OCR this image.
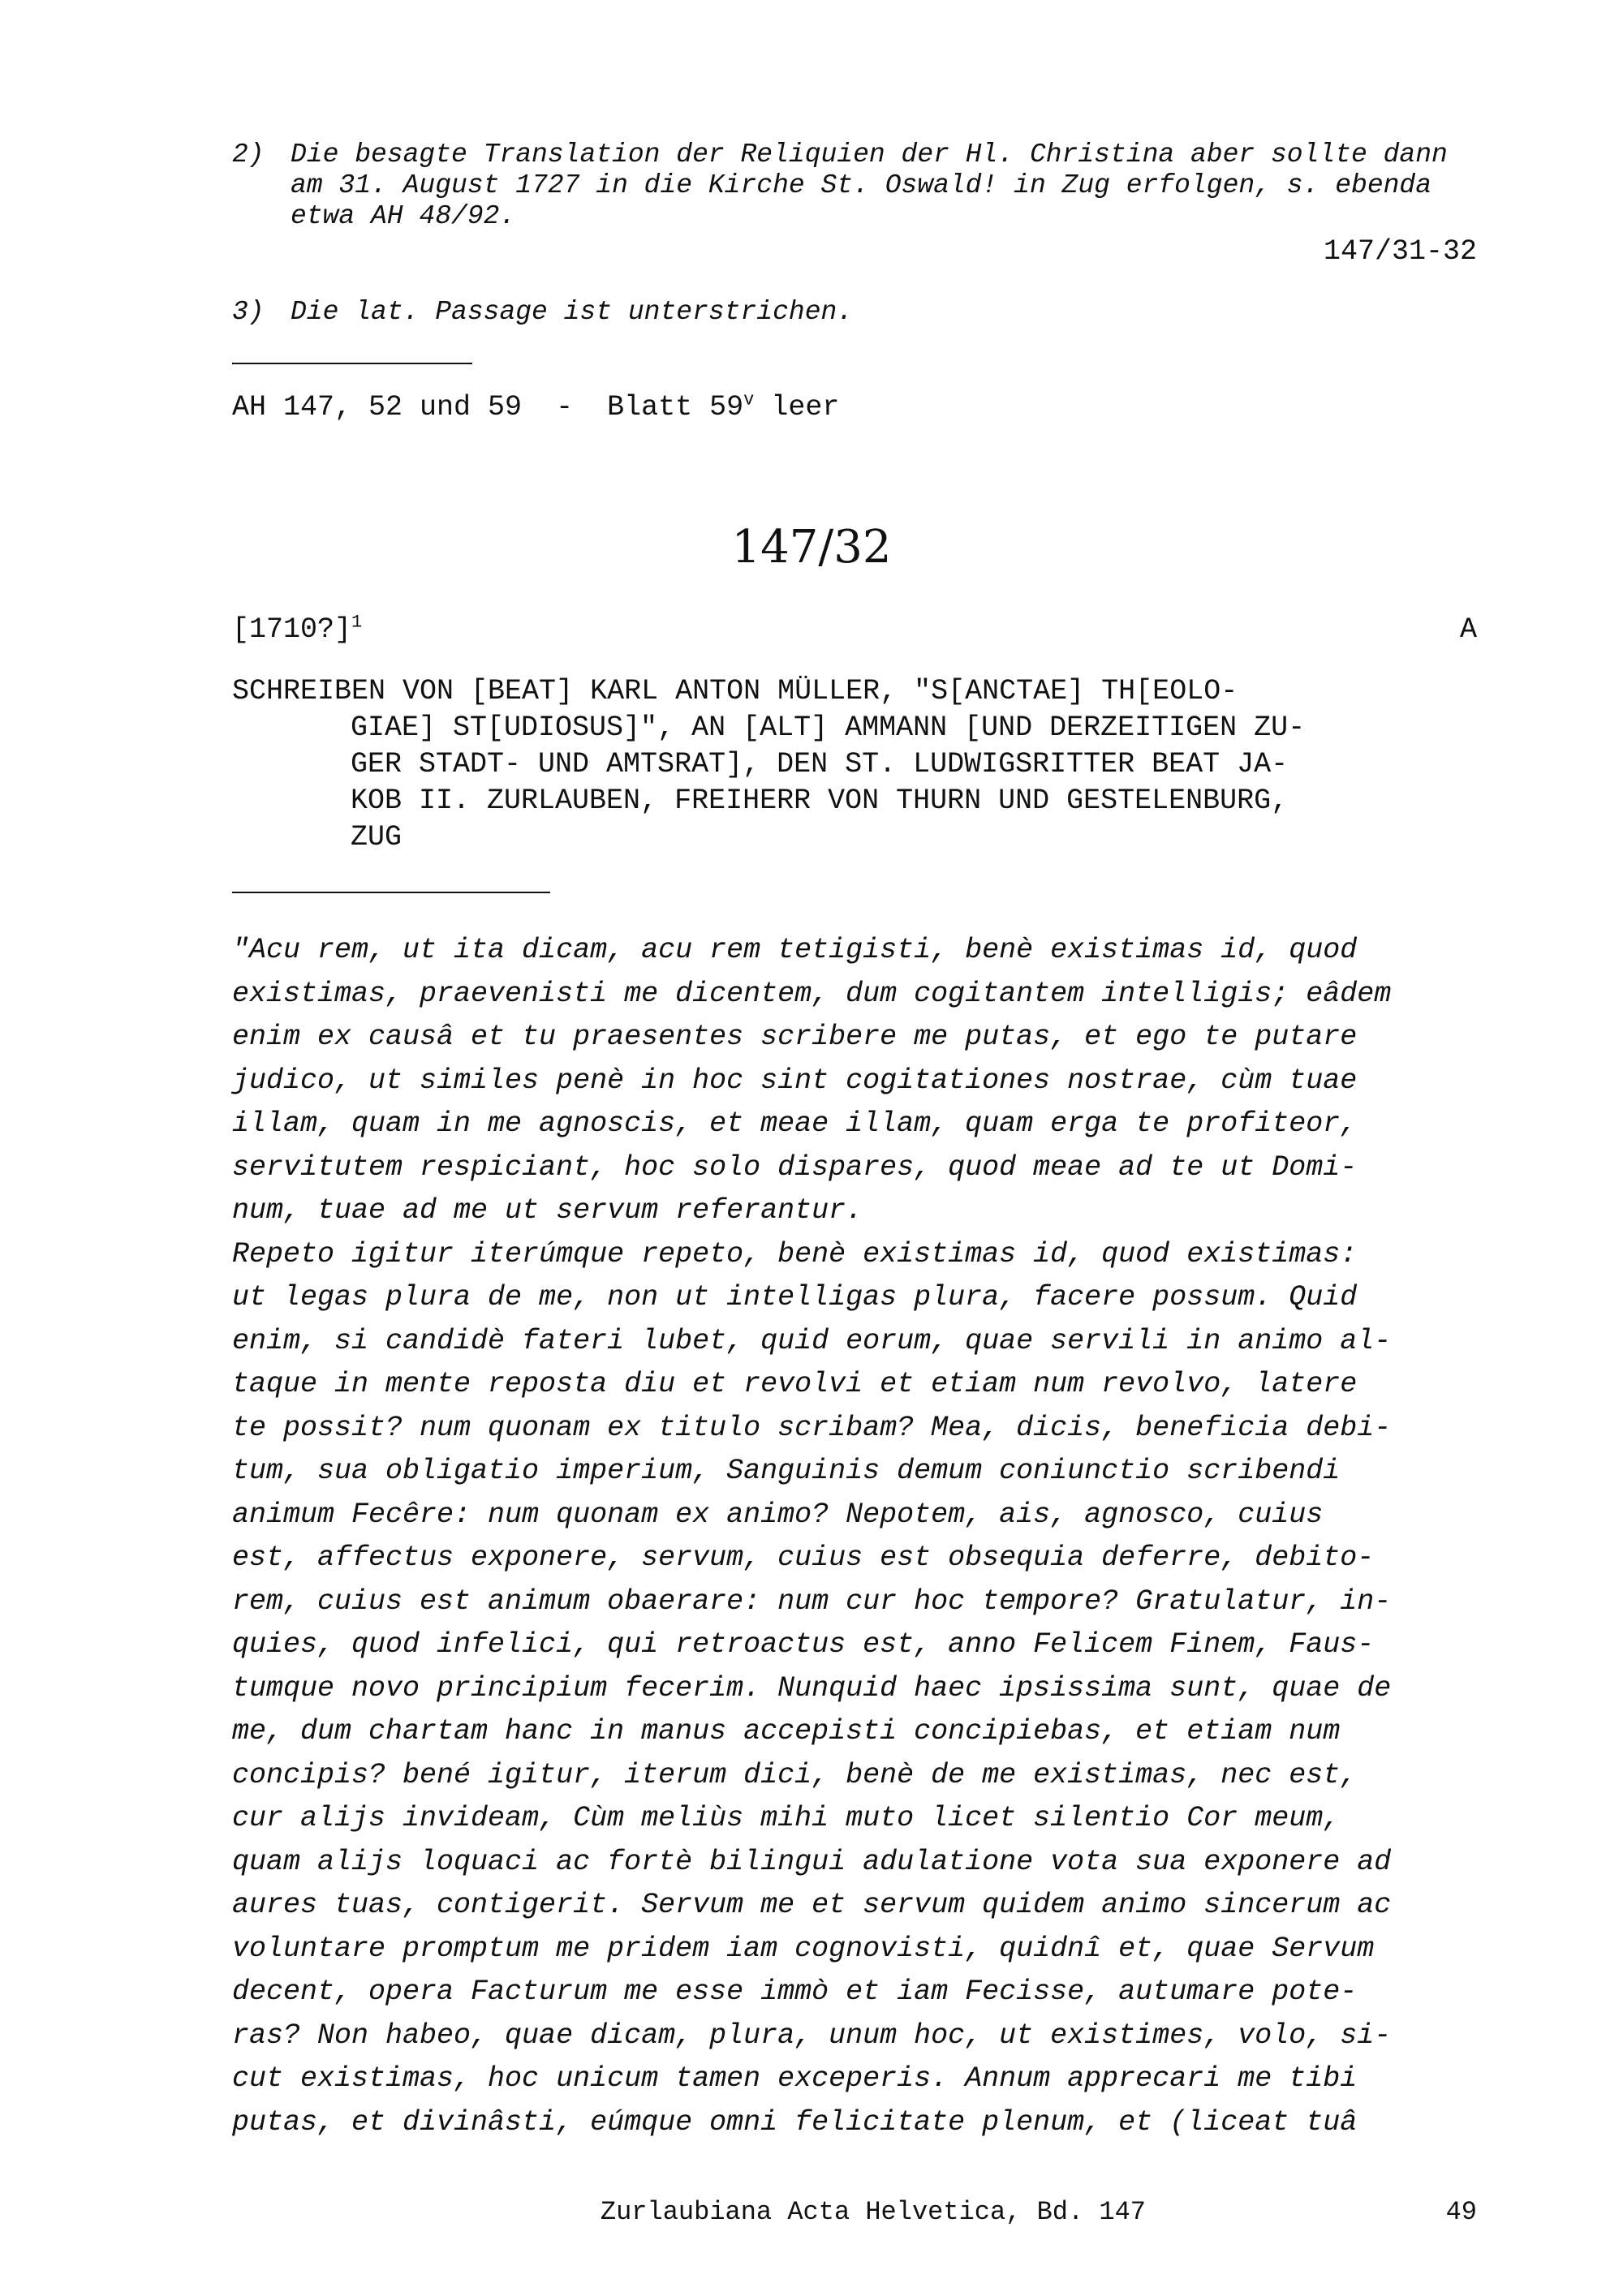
2) Die besagte Translation der Reliquien der Hl. Christina aber sollte dann
am 31. August 1727 in die Kirche St. Oswald! in Zug erfolgen, s. ebenda
etwa AH 48/92.
147/31-32
3) Die lat. Passage ist unterstrichen.
AH 147, 52 und 59  -  Blatt 59$^v$ leer
147/32
[1710?]$^1$	A
SCHREIBEN VON [BEAT] KARL ANTON MÜLLER, "S[ANCTAE] TH[EOLO-
GIAE] ST[UDIOSUS]", AN [ALT] AMMANN [UND DERZEITIGEN ZU-
GER STADT- UND AMTSRAT], DEN ST. LUDWIGSRITTER BEAT JA-
KOB II. ZURLAUBEN, FREIHERR VON THURN UND GESTELENBURG,
ZUG
"Acu rem, ut ita dicam, acu rem tetigisti, benè existimas id, quod
existimas, praevenisti me dicentem, dum cogitantem intelligis; eâdem
enim ex causâ et tu praesentes scribere me putas, et ego te putare
judico, ut similes penè in hoc sint cogitationes nostrae, cùm tuae
illam, quam in me agnoscis, et meae illam, quam erga te profiteor,
servitutem respiciant, hoc solo dispares, quod meae ad te ut Domi-
num, tuae ad me ut servum referantur.
Repeto igitur iterúmque repeto, benè existimas id, quod existimas:
ut legas plura de me, non ut intelligas plura, facere possum. Quid
enim, si candidè fateri lubet, quid eorum, quae servili in animo al-
taque in mente reposta diu et revolvi et etiam num revolvo, latere
te possit? num quonam ex titulo scribam? Mea, dicis, beneficia debi-
tum, sua obligatio imperium, Sanguinis demum coniunctio scribendi
animum Fecêre: num quonam ex animo? Nepotem, ais, agnosco, cuius
est, affectus exponere, servum, cuius est obsequia deferre, debito-
rem, cuius est animum obaerare: num cur hoc tempore? Gratulatur, in-
quies, quod infelici, qui retroactus est, anno Felicem Finem, Faus-
tumque novo principium fecerim. Nunquid haec ipsissima sunt, quae de
me, dum chartam hanc in manus accepisti concipiebas, et etiam num
concipis? bené igitur, iterum dici, benè de me existimas, nec est,
cur alijs invideam, Cùm meliùs mihi muto licet silentio Cor meum,
quam alijs loquaci ac fortè bilingui adulatione vota sua exponere ad
aures tuas, contigerit. Servum me et servum quidem animo sincerum ac
voluntare promptum me pridem iam cognovisti, quidnî et, quae Servum
decent, opera Facturum me esse immò et iam Fecisse, autumare pote-
ras? Non habeo, quae dicam, plura, unum hoc, ut existimes, volo, si-
cut existimas, hoc unicum tamen exceperis. Annum apprecari me tibi
putas, et divinâsti, eúmque omni felicitate plenum, et (liceat tuâ
Zurlaubiana Acta Helvetica, Bd. 147	49
